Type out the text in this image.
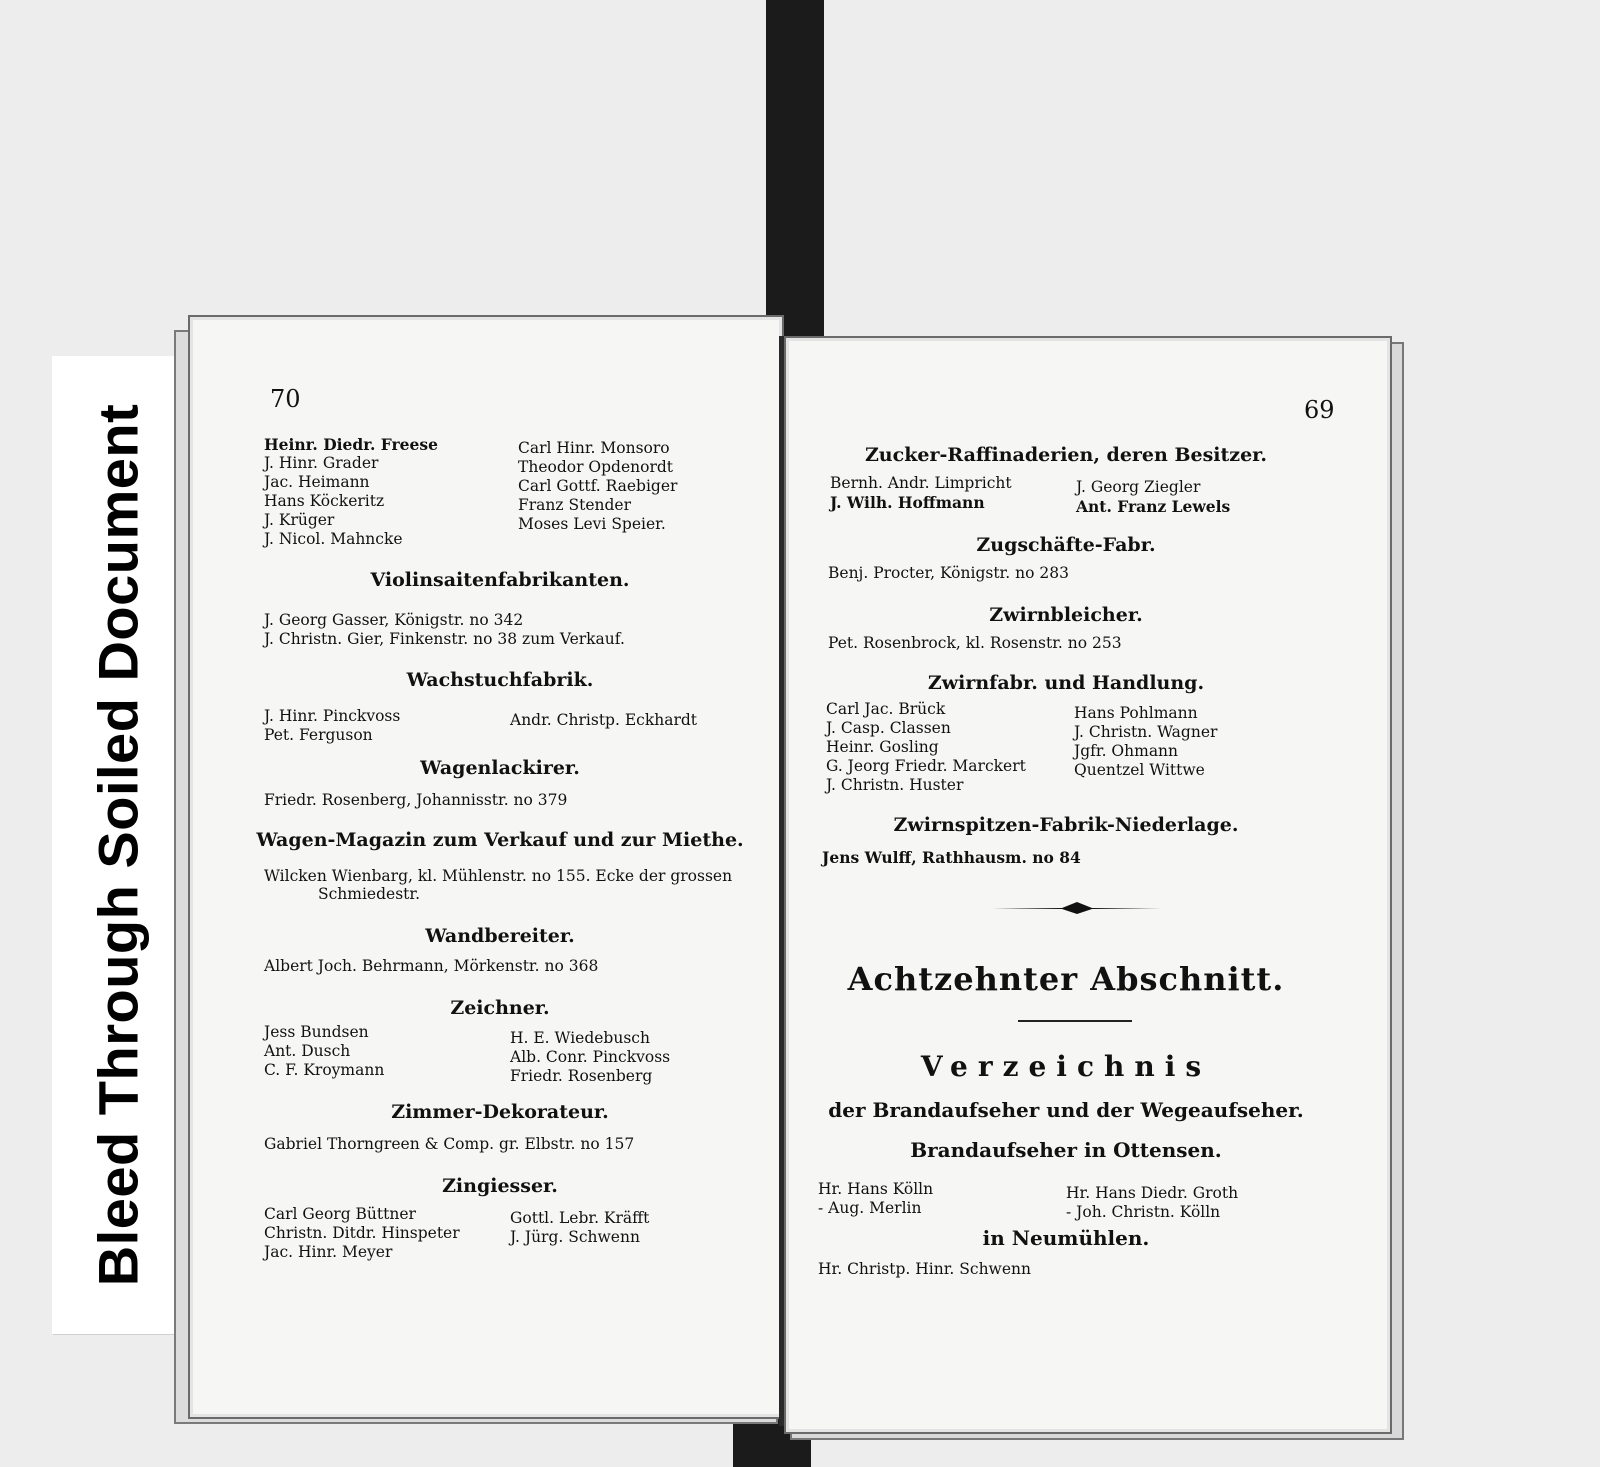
Bleed Through Soiled Document
70
Heinr. Diedr. Freese
J. Hinr. Grader
Jac. Heimann
Hans Köckeritz
J. Krüger
J. Nicol. Mahncke
Carl Hinr. Monsoro
Theodor Opdenordt
Carl Gottf. Raebiger
Franz Stender
Moses Levi Speier.
Violinsaitenfabrikanten.
J. Georg Gasser, Königstr. no 342
J. Christn. Gier, Finkenstr. no 38 zum Verkauf.
Wachstuchfabrik.
J. Hinr. Pinckvoss
Pet. Ferguson
Andr. Christp. Eckhardt
Wagenlackirer.
Friedr. Rosenberg, Johannisstr. no 379
Wagen-Magazin zum Verkauf und zur Miethe.
Wilcken Wienbarg, kl. Mühlenstr. no 155. Ecke der grossen
Schmiedestr.
Wandbereiter.
Albert Joch. Behrmann, Mörkenstr. no 368
Zeichner.
Jess Bundsen
Ant. Dusch
C. F. Kroymann
H. E. Wiedebusch
Alb. Conr. Pinckvoss
Friedr. Rosenberg
Zimmer-Dekorateur.
Gabriel Thorngreen & Comp. gr. Elbstr. no 157
Zingiesser.
Carl Georg Büttner
Christn. Ditdr. Hinspeter
Jac. Hinr. Meyer
Gottl. Lebr. Kräfft
J. Jürg. Schwenn
69
Zucker-Raffinaderien, deren Besitzer.
Bernh. Andr. Limpricht
J. Wilh. Hoffmann
J. Georg Ziegler
Ant. Franz Lewels
Zugschäfte-Fabr.
Benj. Procter, Königstr. no 283
Zwirnbleicher.
Pet. Rosenbrock, kl. Rosenstr. no 253
Zwirnfabr. und Handlung.
Carl Jac. Brück
J. Casp. Classen
Heinr. Gosling
G. Jeorg Friedr. Marckert
J. Christn. Huster
Hans Pohlmann
J. Christn. Wagner
Jgfr. Ohmann
Quentzel Wittwe
Zwirnspitzen-Fabrik-Niederlage.
Jens Wulff, Rathhausm. no 84
Achtzehnter Abschnitt.
Verzeichnis
der Brandaufseher und der Wegeaufseher.
Brandaufseher in Ottensen.
Hr. Hans Kölln
- Aug. Merlin
Hr. Hans Diedr. Groth
- Joh. Christn. Kölln
in Neumühlen.
Hr. Christp. Hinr. Schwenn
